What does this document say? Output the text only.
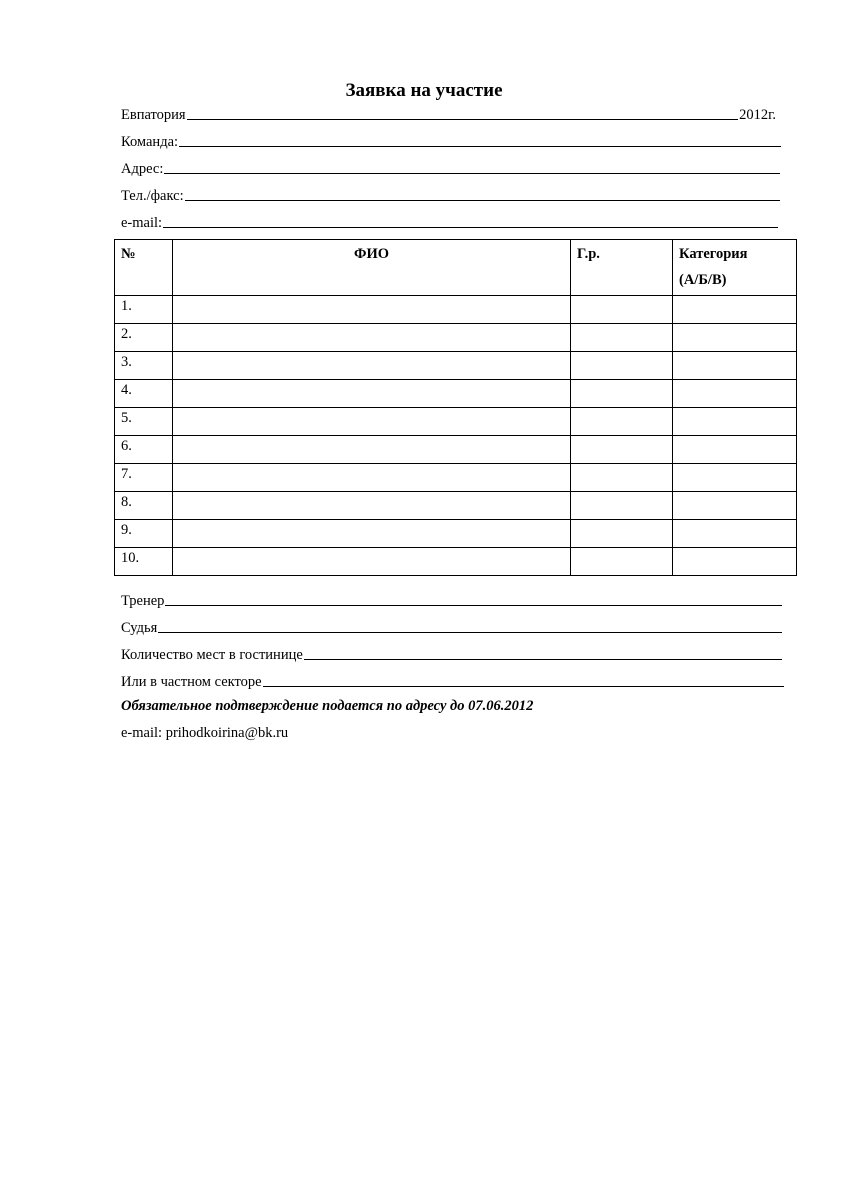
Заявка на участие
Евпатория	2012г.
Команда:
Адрес:
Тел./факс:
e-mail:
№	ФИО	Г.р.	Категория
(А/Б/В)

1.			
2.			
3.			
4.			
5.			
6.			
7.			
8.			
9.			
10.			
Тренер
Судья
Количество мест в гостинице
Или в частном секторе
Обязательное подтверждение подается по адресу до 07.06.2012
e-mail: prihodkoirina@bk.ru
